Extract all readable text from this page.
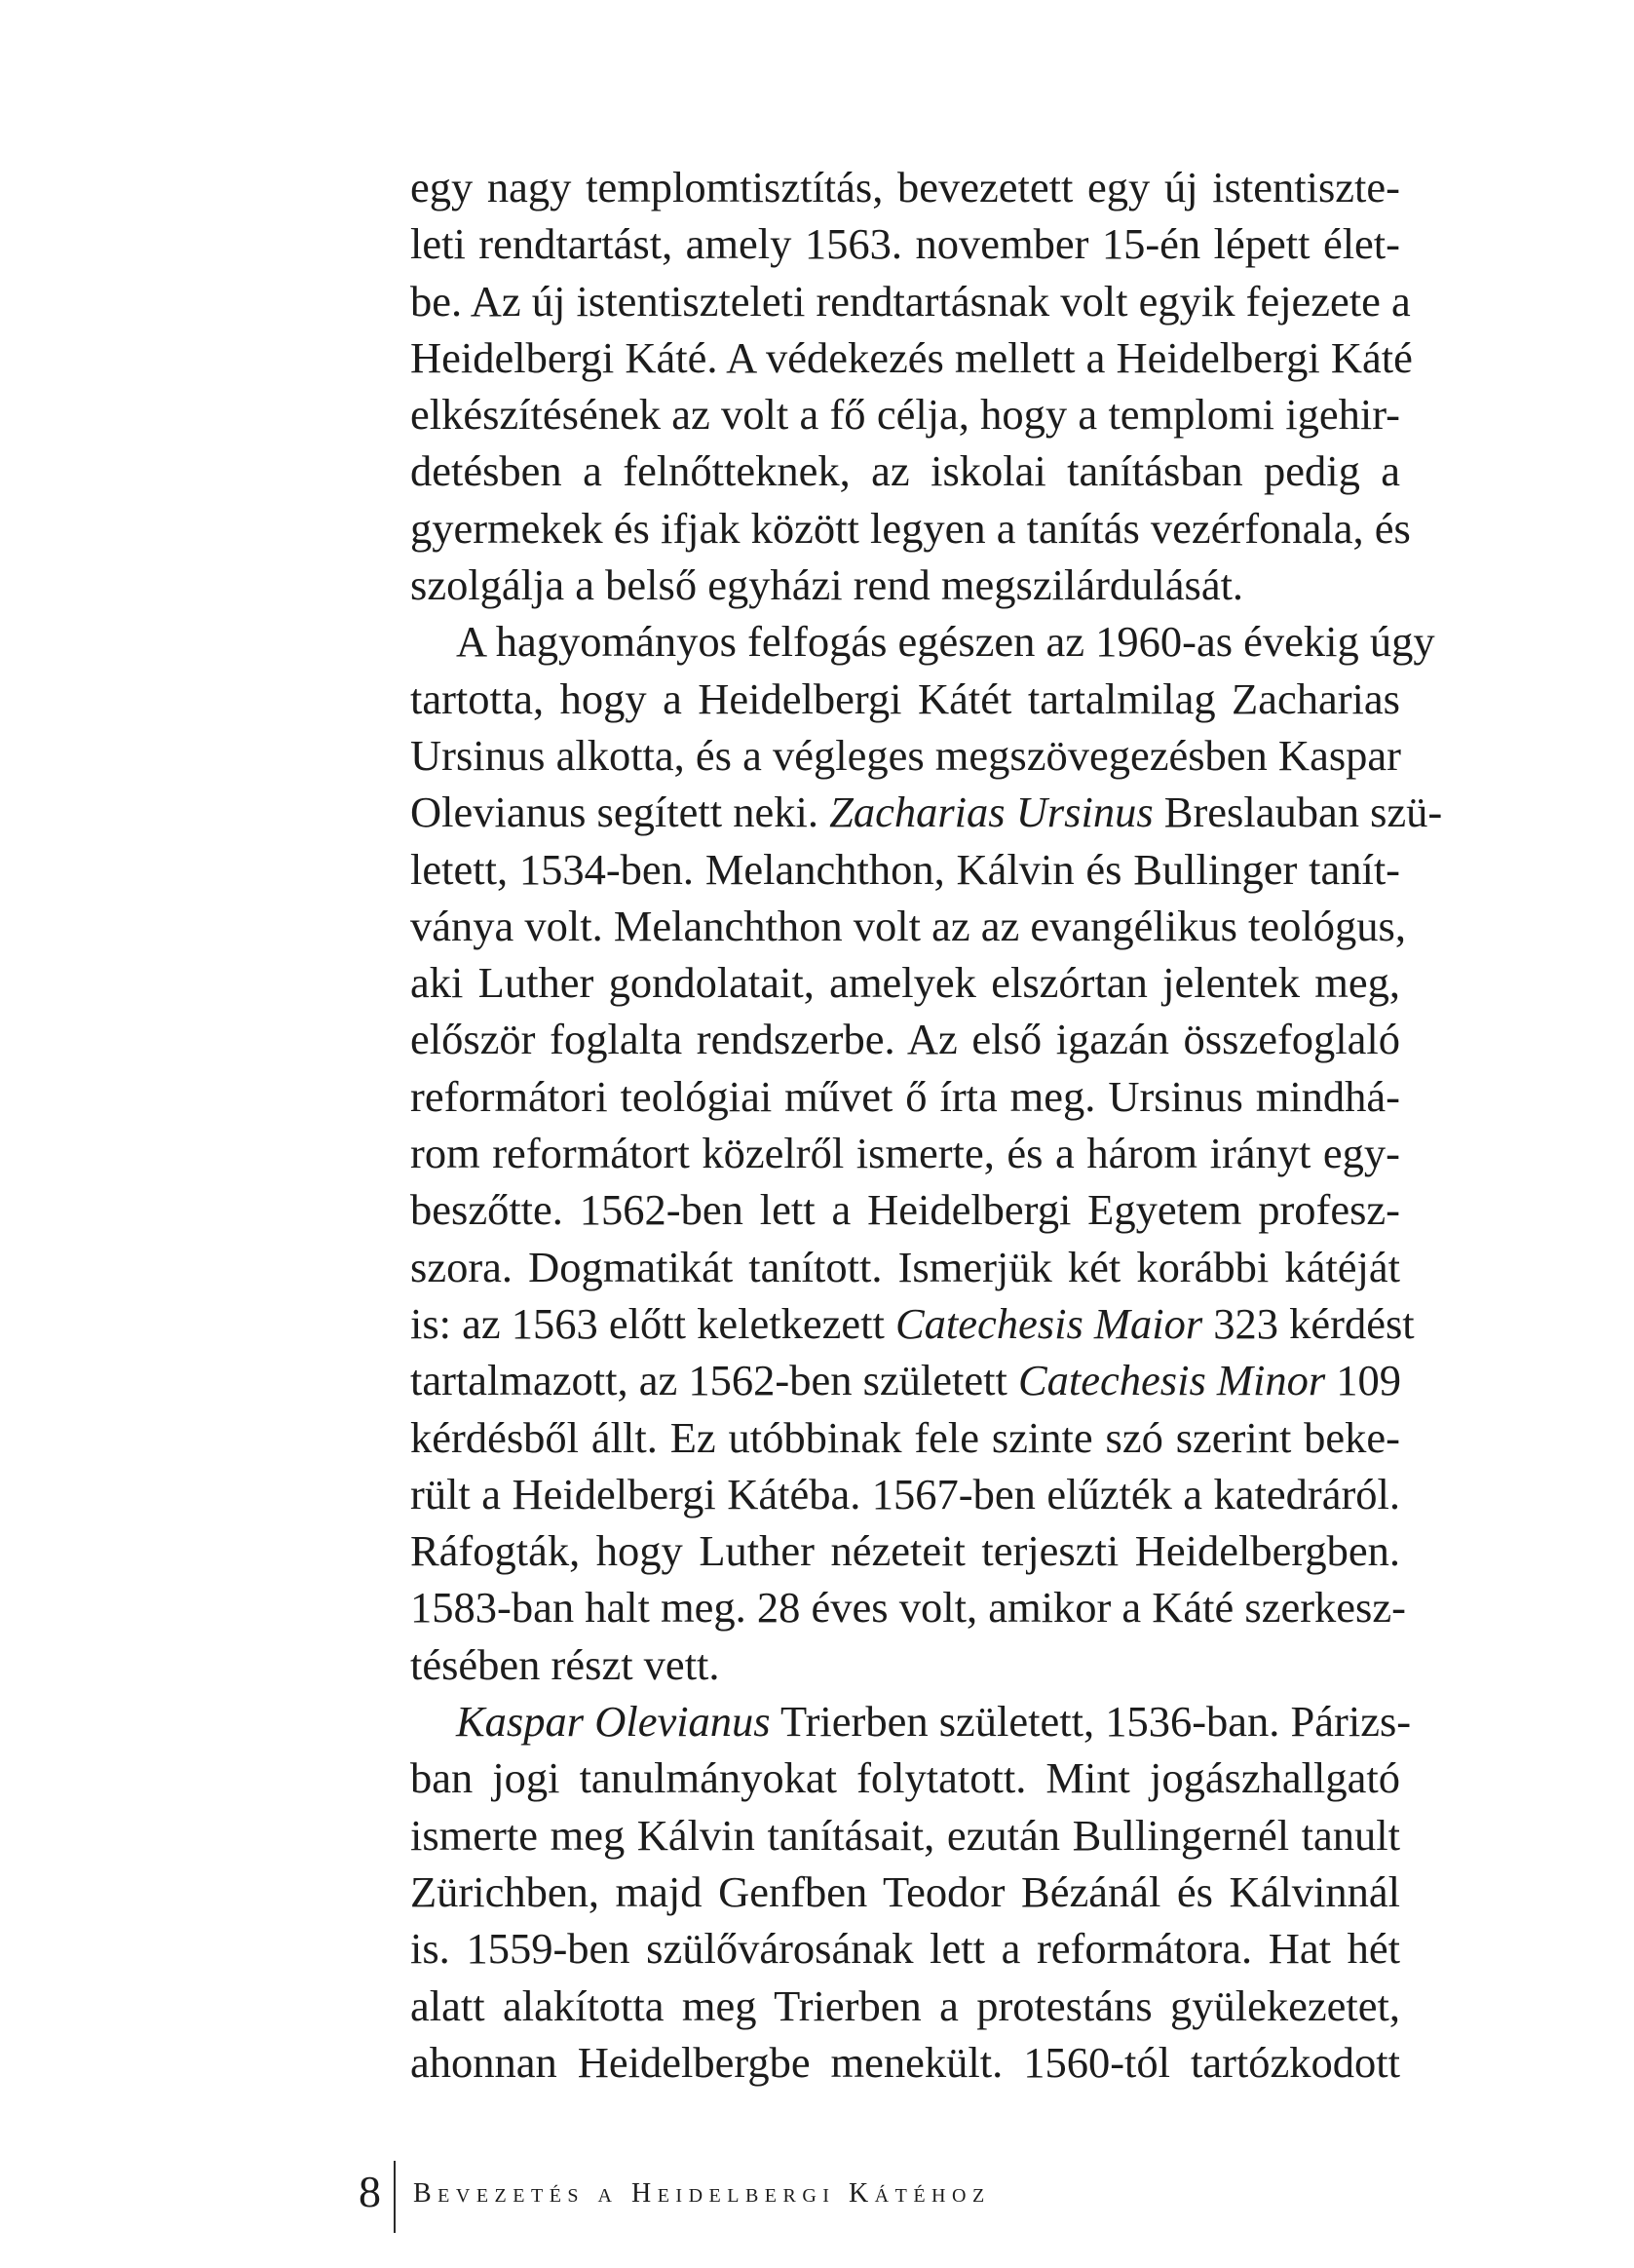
egy nagy templomtisztítás, bevezetett egy új istentiszte-
leti rendtartást, amely 1563. november 15-én lépett élet-
be. Az új istentiszteleti rendtartásnak volt egyik fejezete a
Heidelbergi Káté. A védekezés mellett a Heidelbergi Káté
elkészítésének az volt a fő célja, hogy a templomi igehir-
detésben a felnőtteknek, az iskolai tanításban pedig a
gyermekek és ifjak között legyen a tanítás vezérfonala, és
szolgálja a belső egyházi rend megszilárdulását.
A hagyományos felfogás egészen az 1960-as évekig úgy
tartotta, hogy a Heidelbergi Kátét tartalmilag Zacharias
Ursinus alkotta, és a végleges megszövegezésben Kaspar
Olevianus segített neki. Zacharias Ursinus Breslauban szü-
letett, 1534-ben. Melanchthon, Kálvin és Bullinger tanít-
ványa volt. Melanchthon volt az az evangélikus teológus,
aki Luther gondolatait, amelyek elszórtan jelentek meg,
először foglalta rendszerbe. Az első igazán összefoglaló
reformátori teológiai művet ő írta meg. Ursinus mindhá-
rom reformátort közelről ismerte, és a három irányt egy-
beszőtte. 1562-ben lett a Heidelbergi Egyetem profesz-
szora. Dogmatikát tanított. Ismerjük két korábbi kátéját
is: az 1563 előtt keletkezett Catechesis Maior 323 kérdést
tartalmazott, az 1562-ben született Catechesis Minor 109
kérdésből állt. Ez utóbbinak fele szinte szó szerint beke-
rült a Heidelbergi Kátéba. 1567-ben elűzték a katedráról.
Ráfogták, hogy Luther nézeteit terjeszti Heidelbergben.
1583-ban halt meg. 28 éves volt, amikor a Káté szerkesz-
tésében részt vett.
Kaspar Olevianus Trierben született, 1536-ban. Párizs-
ban jogi tanulmányokat folytatott. Mint jogászhallgató
ismerte meg Kálvin tanításait, ezután Bullingernél tanult
Zürichben, majd Genfben Teodor Bézánál és Kálvinnál
is. 1559-ben szülővárosának lett a reformátora. Hat hét
alatt alakította meg Trierben a protestáns gyülekezetet,
ahonnan Heidelbergbe menekült. 1560-tól tartózkodott
8 Bevezetés a Heidelbergi Kátéhoz
